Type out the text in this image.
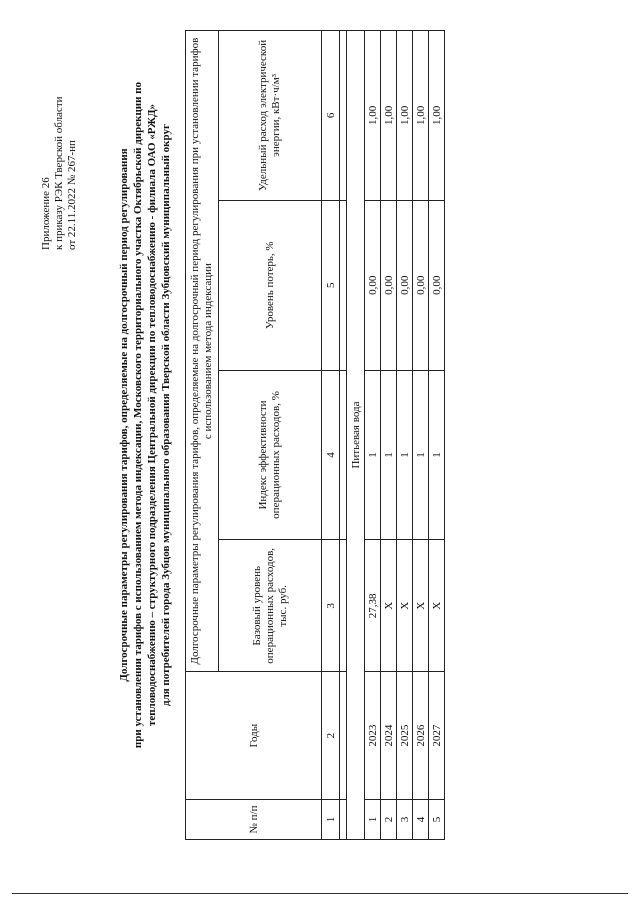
Приложение 26 к приказу РЭК Тверской области от 22.11.2022 № 267-нп	Долгосрочные параметры регулирования тарифов, определяемые на долгосрочный период регулирования при установлении тарифов с использованием метода индексации, Московского территориального участка Октябрьской дирекции по тепловодоснабжению – структурного подразделения Центральной дирекции по тепловодоснабжению - филиала ОАО «РЖД» для потребителей города Зубцов муниципального образования Тверской области Зубцовский муниципальный округ
№ п/п	Годы	Долгосрочные параметры регулирования тарифов, определяемые на долгосрочный период регулирования при установлении тарифов с использованием метода индексации			
		Базовый уровень операционных расходов, тыс. руб.	Индекс эффективности операционных расходов, %	Уровень потерь, %	Удельный расход электрической энергии, кВт·ч/м³
1	2	3	4	5	6

Питьевая вода					
1	2023	27,38	1	0,00	1,00
2	2024	Х	1	0,00	1,00
3	2025	Х	1	0,00	1,00
4	2026	Х	1	0,00	1,00
5	2027	Х	1	0,00	1,00
